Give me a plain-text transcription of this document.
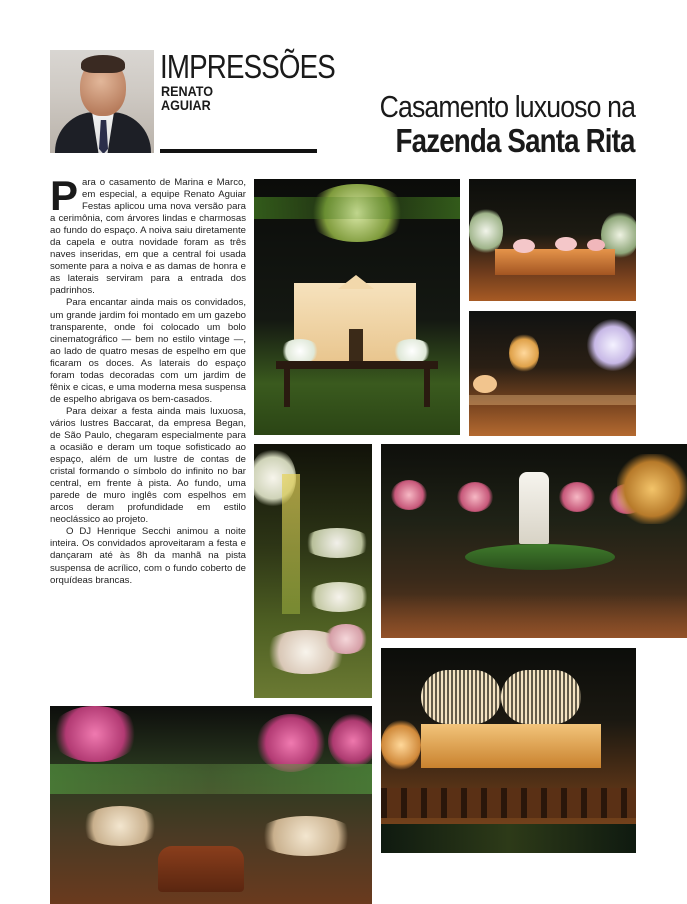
IMPRESSÕES
RENATO
AGUIAR	Casamento luxuoso na
Fazenda Santa Rita

Para o casamento de Marina e Marco, em especial, a equipe Renato Aguiar Festas aplicou uma nova versão para a cerimônia, com árvores lindas e charmosas ao fundo do espaço. A noiva saiu diretamente da capela e outra novidade foram as três naves inseridas, em que a central foi usada somente para a noiva e as damas de honra e as laterais serviram para a entrada dos padrinhos.

Para encantar ainda mais os convidados, um grande jardim foi montado em um gazebo transparente, onde foi colocado um bolo cinematográfico — bem no estilo vintage —, ao lado de quatro mesas de espelho em que ficaram os doces. As laterais do espaço foram todas decoradas com um jardim de fênix e cicas, e uma moderna mesa suspensa de espelho abrigava os bem-casados.

Para deixar a festa ainda mais luxuosa, vários lustres Baccarat, da empresa Began, de São Paulo, chegaram especialmente para a ocasião e deram um toque sofisticado ao espaço, além de um lustre de contas de cristal formando o símbolo do infinito no bar central, em frente à pista. Ao fundo, uma parede de muro inglês com espelhos em arcos deram profundidade em estilo neoclássico ao projeto.

O DJ Henrique Secchi animou a noite inteira. Os convidados aproveitaram a festa e dançaram até às 8h da manhã na pista suspensa de acrílico, com o fundo coberto de orquídeas brancas.
